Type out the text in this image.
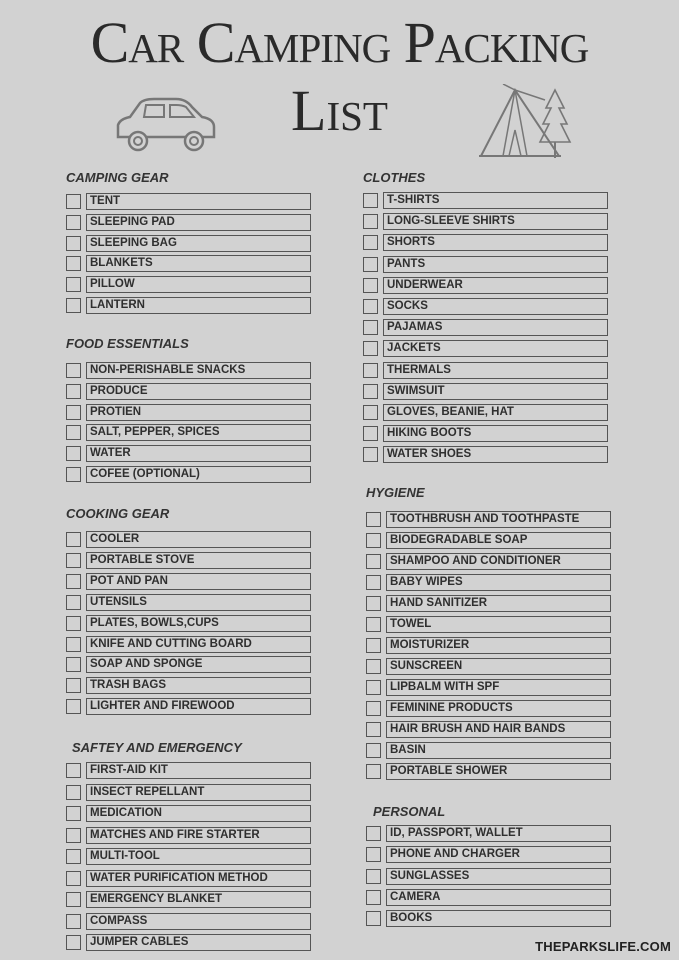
Car Camping Packing
List
CAMPING GEAR
TENT
SLEEPING PAD
SLEEPING BAG
BLANKETS
PILLOW
LANTERN
FOOD ESSENTIALS
NON-PERISHABLE SNACKS
PRODUCE
PROTIEN
SALT, PEPPER, SPICES
WATER
COFEE (OPTIONAL)
COOKING GEAR
COOLER
PORTABLE STOVE
POT AND PAN
UTENSILS
PLATES, BOWLS,CUPS
KNIFE AND CUTTING BOARD
SOAP AND SPONGE
TRASH BAGS
LIGHTER AND FIREWOOD
SAFTEY AND EMERGENCY
FIRST-AID KIT
INSECT REPELLANT
MEDICATION
MATCHES AND FIRE STARTER
MULTI-TOOL
WATER PURIFICATION METHOD
EMERGENCY BLANKET
COMPASS
JUMPER CABLES
CLOTHES
T-SHIRTS
LONG-SLEEVE SHIRTS
SHORTS
PANTS
UNDERWEAR
SOCKS
PAJAMAS
JACKETS
THERMALS
SWIMSUIT
GLOVES, BEANIE, HAT
HIKING BOOTS
WATER SHOES
HYGIENE
TOOTHBRUSH AND TOOTHPASTE
BIODEGRADABLE SOAP
SHAMPOO AND CONDITIONER
BABY WIPES
HAND SANITIZER
TOWEL
MOISTURIZER
SUNSCREEN
LIPBALM WITH SPF
FEMININE PRODUCTS
HAIR BRUSH AND HAIR BANDS
BASIN
PORTABLE SHOWER
PERSONAL
ID, PASSPORT, WALLET
PHONE AND CHARGER
SUNGLASSES
CAMERA
BOOKS
THEPARKSLIFE.COM
